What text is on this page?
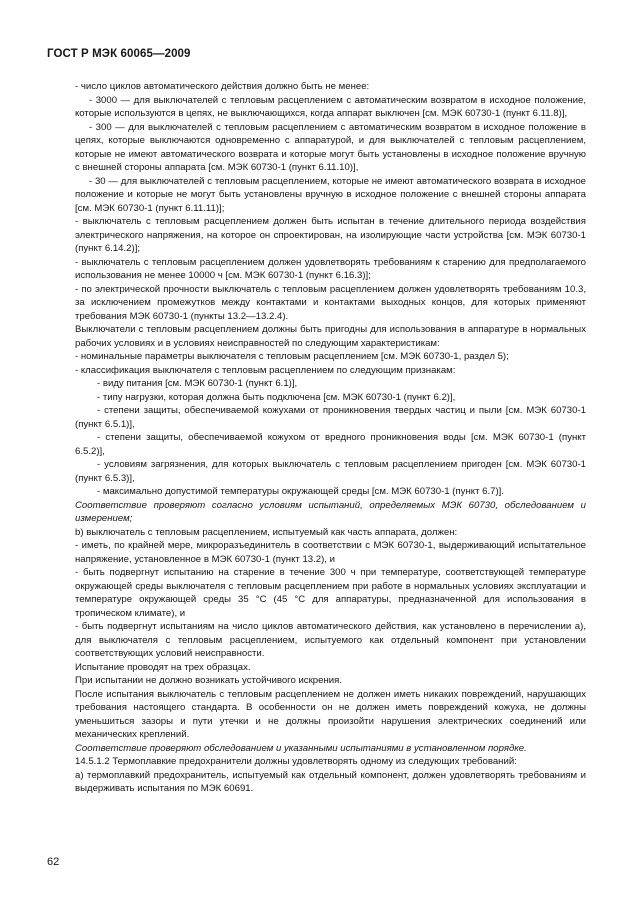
ГОСТ Р МЭК 60065—2009

- число циклов автоматического действия должно быть не менее:

- 3000 — для выключателей с тепловым расцеплением с автоматическим возвратом в исходное положение, которые используются в цепях, не выключающихся, когда аппарат выключен [см. МЭК 60730-1 (пункт 6.11.8)],

- 300 — для выключателей с тепловым расцеплением с автоматическим возвратом в исходное положение в цепях, которые выключаются одновременно с аппаратурой, и для выключателей с тепловым расцеплением, которые не имеют автоматического возврата и которые могут быть установлены в исходное положение вручную с внешней стороны аппарата [см. МЭК 60730-1 (пункт 6.11.10)],

- 30 — для выключателей с тепловым расцеплением, которые не имеют автоматического возврата в исходное положение и которые не могут быть установлены вручную в исходное положение с внешней стороны аппарата [см. МЭК 60730-1 (пункт 6.11.11)];

- выключатель с тепловым расцеплением должен быть испытан в течение длительного периода воздействия электрического напряжения, на которое он спроектирован, на изолирующие части устройства [см. МЭК 60730-1 (пункт 6.14.2)];

- выключатель с тепловым расцеплением должен удовлетворять требованиям к старению для предполагаемого использования не менее 10000 ч [см. МЭК 60730-1 (пункт 6.16.3)];

- по электрической прочности выключатель с тепловым расцеплением должен удовлетворять требованиям 10.3, за исключением промежутков между контактами и контактами выходных концов, для которых применяют требования МЭК 60730-1 (пункты 13.2—13.2.4).

Выключатели с тепловым расцеплением должны быть пригодны для использования в аппаратуре в нормальных рабочих условиях и в условиях неисправностей по следующим характеристикам:

- номинальные параметры выключателя с тепловым расцеплением [см. МЭК 60730-1, раздел 5);

- классификация выключателя с тепловым расцеплением по следующим признакам:

- виду питания [см. МЭК 60730-1 (пункт 6.1)],

- типу нагрузки, которая должна быть подключена [см. МЭК 60730-1 (пункт 6.2)],

- степени защиты, обеспечиваемой кожухами от проникновения твердых частиц и пыли [см. МЭК 60730-1 (пункт 6.5.1)],

- степени защиты, обеспечиваемой кожухом от вредного проникновения воды [см. МЭК 60730-1 (пункт 6.5.2)],

- условиям загрязнения, для которых выключатель с тепловым расцеплением пригоден [см. МЭК 60730-1 (пункт 6.5.3)],

- максимально допустимой температуры окружающей среды [см. МЭК 60730-1 (пункт 6.7)].

Соответствие проверяют согласно условиям испытаний, определяемых МЭК 60730, обследованием и измерением;

b) выключатель с тепловым расцеплением, испытуемый как часть аппарата, должен:

- иметь, по крайней мере, микроразъединитель в соответствии с МЭК 60730-1, выдерживающий испытательное напряжение, установленное в МЭК 60730-1 (пункт 13.2), и

- быть подвергнут испытанию на старение в течение 300 ч при температуре, соответствующей температуре окружающей среды выключателя с тепловым расцеплением при работе в нормальных условиях эксплуатации и температуре окружающей среды 35 °С (45 °С для аппаратуры, предназначенной для использования в тропическом климате), и

- быть подвергнут испытаниям на число циклов автоматического действия, как установлено в перечислении а), для выключателя с тепловым расцеплением, испытуемого как отдельный компонент при установлении соответствующих условий неисправности.

Испытание проводят на трех образцах.

При испытании не должно возникать устойчивого искрения.

После испытания выключатель с тепловым расцеплением не должен иметь никаких повреждений, нарушающих требования настоящего стандарта. В особенности он не должен иметь повреждений кожуха, не должны уменьшиться зазоры и пути утечки и не должны произойти нарушения электрических соединений или механических креплений.

Соответствие проверяют обследованием и указанными испытаниями в установленном порядке.

14.5.1.2 Термоплавкие предохранители должны удовлетворять одному из следующих требований:

а) термоплавкий предохранитель, испытуемый как отдельный компонент, должен удовлетворять требованиям и выдерживать испытания по МЭК 60691.

62
